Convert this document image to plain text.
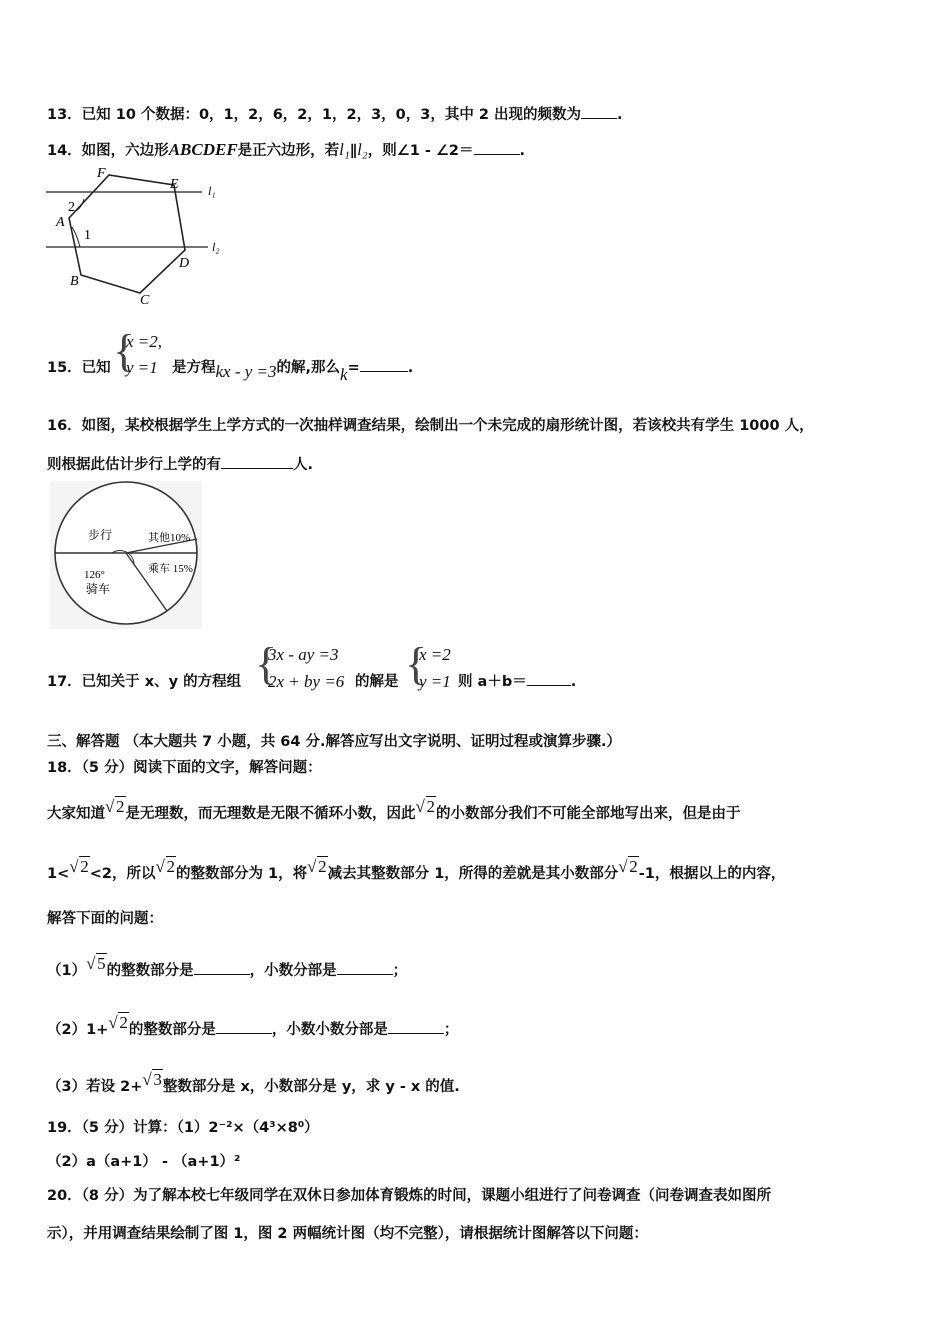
13．已知 10 个数据：0，1，2，6，2，1，2，3，0，3，其中 2 出现的频数为 .
14．如图，六边形ABCDEF是正六边形，若l₁∥l₂，则∠1 - ∠2＝	.
F
E
A
B
C
D
l₁
l₂
1
2
15．已知 {
x =2,
y =1 是方程kx - y =3的解,那么k=	.
16．如图，某校根据学生上学方式的一次抽样调查结果，绘制出一个未完成的扇形统计图，若该校共有学生 1000 人，
则根据此估计步行上学的有	人.
步行	其他10%
乘车 15%
126°
骑车
17．已知关于 x、y 的方程组 {
3x - ay =3
2x + by =6 的解是 {
x =2
y =1 则 a＋b＝	.
三、解答题 （本大题共 7 小题，共 64 分.解答应写出文字说明、证明过程或演算步骤.）
18．（5 分）阅读下面的文字，解答问题：
大家知道 √ 2是无理数，而无理数是无限不循环小数，因此 √ 2的小数部分我们不可能全部地写出来，但是由于
1< √ 2<2，所以 √ 2的整数部分为 1，将 √ 2减去其整数部分 1，所得的差就是其小数部分 √ 2-1，根据以上的内容，
解答下面的问题：
（1） √ 5的整数部分是	，小数分部是	；
（2）1+ √ 2的整数部分是	，小数小数分部是	；
（3）若设 2+ √ 3整数部分是 x，小数部分是 y，求 y - x 的值.
19．（5 分）计算：（1）2⁻²×（4³×8⁰）
（2）a（a+1） - （a+1）²
20．（8 分）为了解本校七年级同学在双休日参加体育锻炼的时间，课题小组进行了问卷调查（问卷调查表如图所
示），并用调查结果绘制了图 1，图 2 两幅统计图（均不完整），请根据统计图解答以下问题：
